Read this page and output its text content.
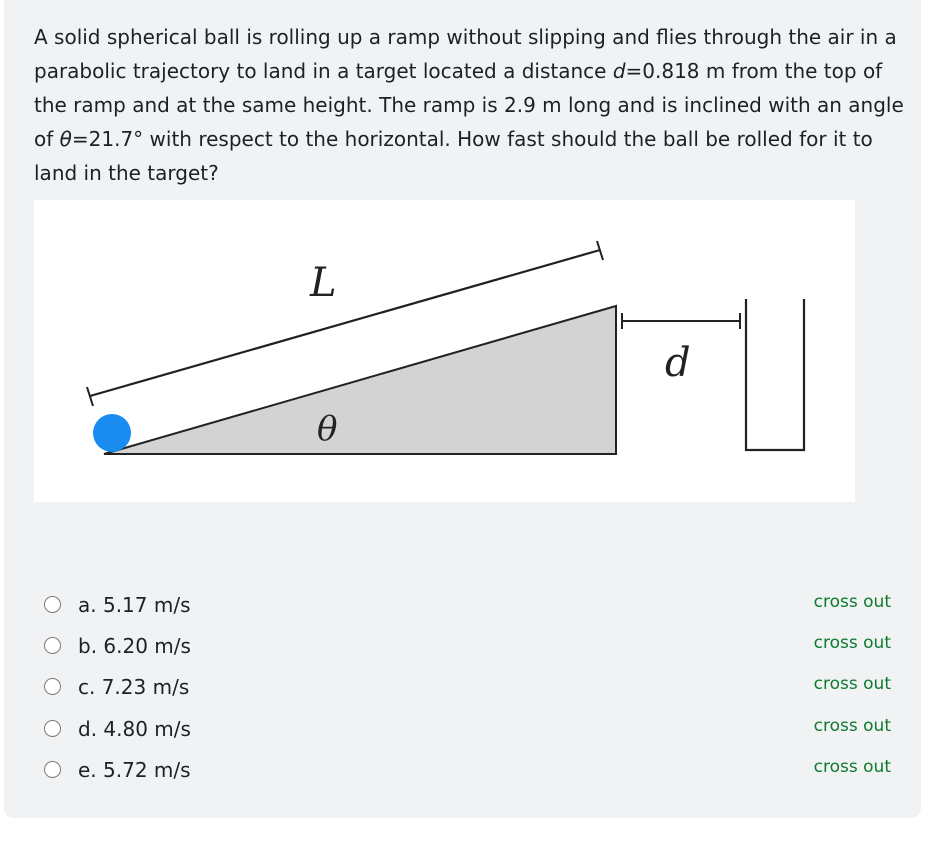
A solid spherical ball is rolling up a ramp without slipping and flies through the air in a parabolic trajectory to land in a target located a distance d=0.818 m from the top of the ramp and at the same height. The ramp is 2.9 m long and is inclined with an angle of θ=21.7° with respect to the horizontal. How fast should the ball be rolled for it to land in the target?

L
θ
d
a. 5.17 m/s	cross out
b. 6.20 m/s	cross out
c. 7.23 m/s	cross out
d. 4.80 m/s	cross out
e. 5.72 m/s	cross out
